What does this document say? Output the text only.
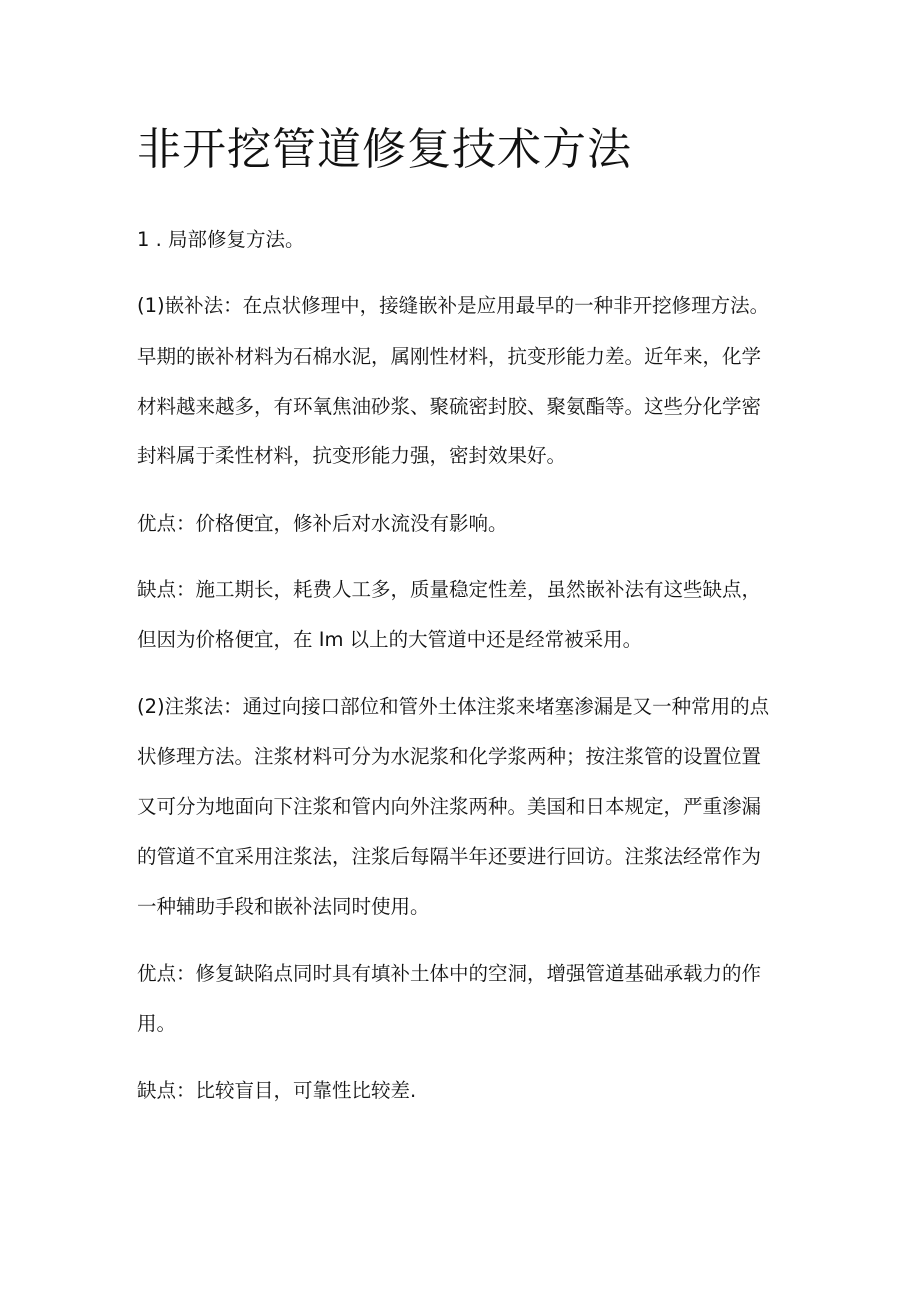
非开挖管道修复技术方法

1 . 局部修复方法。

(1)嵌补法：在点状修理中，接缝嵌补是应用最早的一种非开挖修理方法。

早期的嵌补材料为石棉水泥，属刚性材料，抗变形能力差。近年来，化学

材料越来越多，有环氧焦油砂浆、聚硫密封胶、聚氨酯等。这些分化学密

封料属于柔性材料，抗变形能力强，密封效果好。

优点：价格便宜，修补后对水流没有影响。

缺点：施工期长，耗费人工多，质量稳定性差，虽然嵌补法有这些缺点，

但因为价格便宜，在 Im 以上的大管道中还是经常被采用。

(2)注浆法：通过向接口部位和管外土体注浆来堵塞渗漏是又一种常用的点

状修理方法。注浆材料可分为水泥浆和化学浆两种；按注浆管的设置位置

又可分为地面向下注浆和管内向外注浆两种。美国和日本规定，严重渗漏

的管道不宜采用注浆法，注浆后每隔半年还要进行回访。注浆法经常作为

一种辅助手段和嵌补法同时使用。

优点：修复缺陷点同时具有填补土体中的空洞，增强管道基础承载力的作

用。

缺点：比较盲目，可靠性比较差.
